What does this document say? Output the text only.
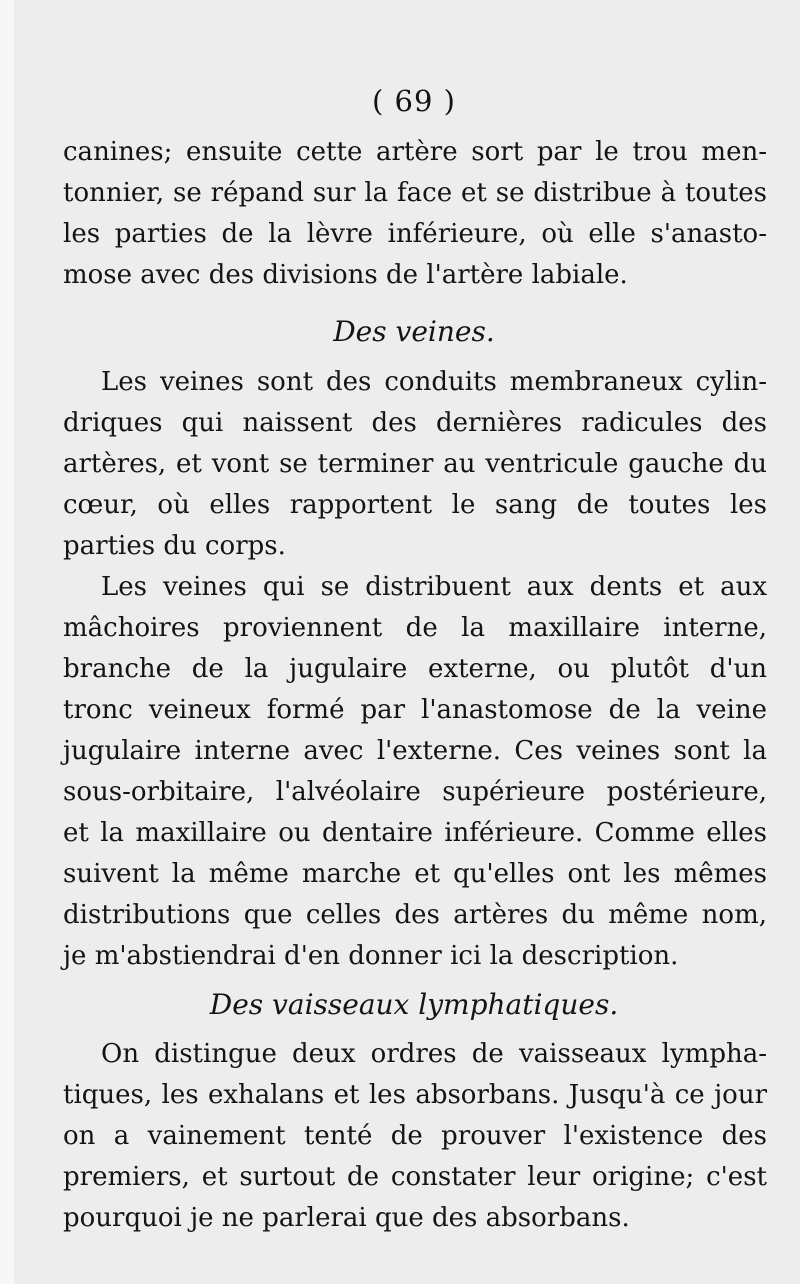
( 69 )
canines; ensuite cette artère sort par le trou men-
tonnier, se répand sur la face et se distribue à toutes
les parties de la lèvre inférieure, où elle s'anasto-
mose avec des divisions de l'artère labiale.
Des veines.
Les veines sont des conduits membraneux cylin-
driques qui naissent des dernières radicules des
artères, et vont se terminer au ventricule gauche du
cœur, où elles rapportent le sang de toutes les
parties du corps.
Les veines qui se distribuent aux dents et aux
mâchoires proviennent de la maxillaire interne,
branche de la jugulaire externe, ou plutôt d'un
tronc veineux formé par l'anastomose de la veine
jugulaire interne avec l'externe. Ces veines sont la
sous-orbitaire, l'alvéolaire supérieure postérieure,
et la maxillaire ou dentaire inférieure. Comme elles
suivent la même marche et qu'elles ont les mêmes
distributions que celles des artères du même nom,
je m'abstiendrai d'en donner ici la description.
Des vaisseaux lymphatiques.
On distingue deux ordres de vaisseaux lympha-
tiques, les exhalans et les absorbans. Jusqu'à ce jour
on a vainement tenté de prouver l'existence des
premiers, et surtout de constater leur origine; c'est
pourquoi je ne parlerai que des absorbans.
